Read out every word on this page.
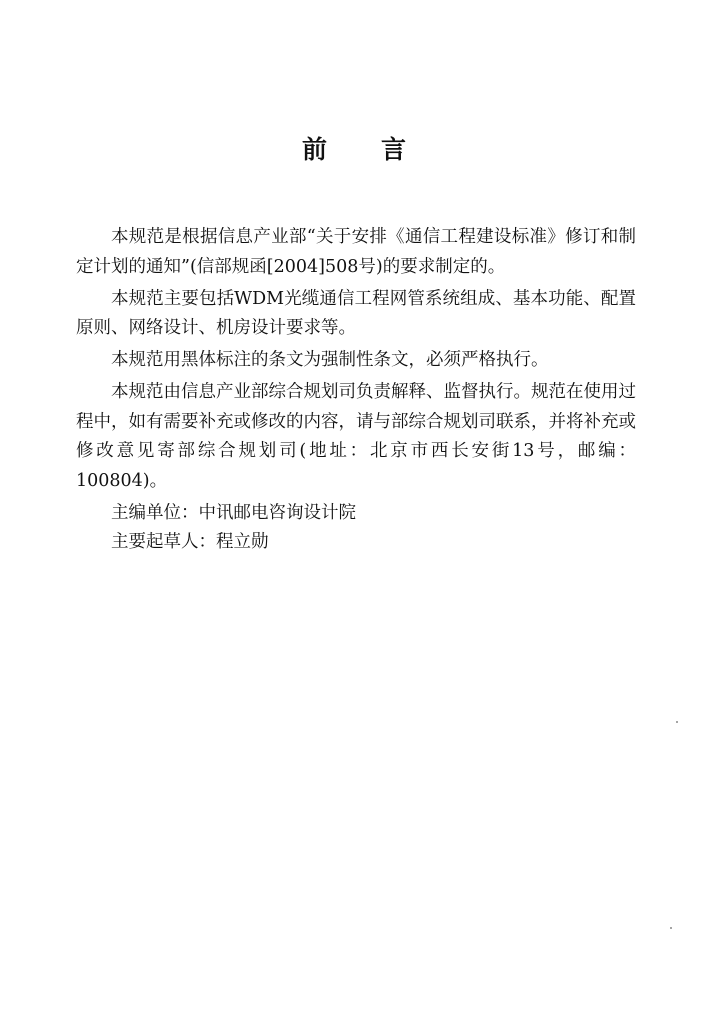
前 言

本规范是根据信息产业部“关于安排《通信工程建设标准》修订和制定计划的通知”(信部规函[2004]508号)的要求制定的。

本规范主要包括WDM光缆通信工程网管系统组成、基本功能、配置原则、网络设计、机房设计要求等。

本规范用黑体标注的条文为强制性条文，必须严格执行。

本规范由信息产业部综合规划司负责解释、监督执行。规范在使用过程中，如有需要补充或修改的内容，请与部综合规划司联系，并将补充或修改意见寄部综合规划司(地址：北京市西长安街13号，邮编：100804)。

主编单位：中讯邮电咨询设计院
主要起草人：程立勋
